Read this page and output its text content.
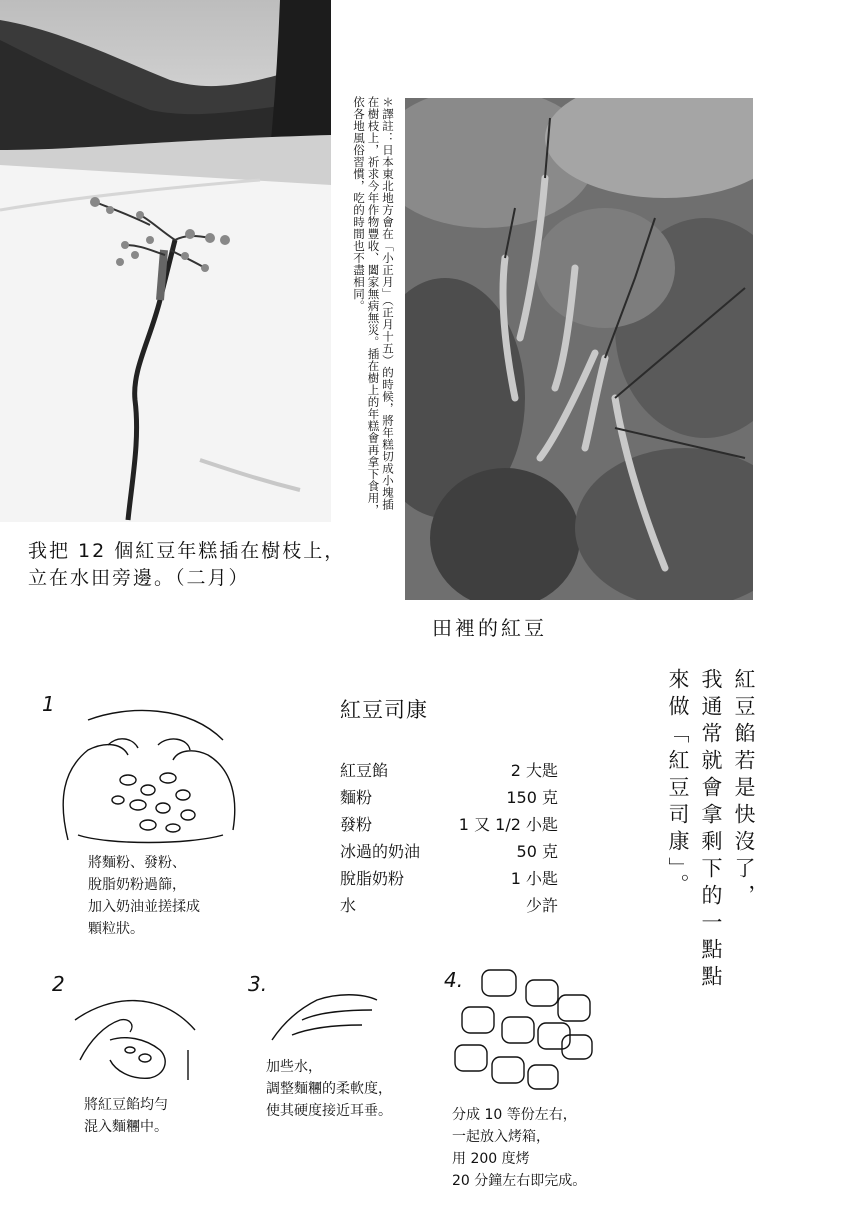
＊譯註：日本東北地方會在「小正月」（正月十五）的時候，將年糕切成小塊插在樹枝上，祈求今年作物豐收、闔家無病無災。插在樹上的年糕會再拿下食用，依各地風俗習慣，吃的時間也不盡相同。
我把 12 個紅豆年糕插在樹枝上，
立在水田旁邊。（二月）
田裡的紅豆
紅豆餡若是快沒了，
我通常就會拿剩下的一點點
來做「紅豆司康」。
紅豆司康
紅豆餡	2 大匙
麵粉	150 克
發粉	1 又 1/2 小匙
冰過的奶油	50 克
脫脂奶粉	1 小匙
水	少許
1
將麵粉、發粉、
脫脂奶粉過篩，
加入奶油並搓揉成
顆粒狀。
2
將紅豆餡均勻
混入麵糰中。
3.
加些水，
調整麵糰的柔軟度，
使其硬度接近耳垂。
4.
分成 10 等份左右，
一起放入烤箱，
用 200 度烤
20 分鐘左右即完成。
